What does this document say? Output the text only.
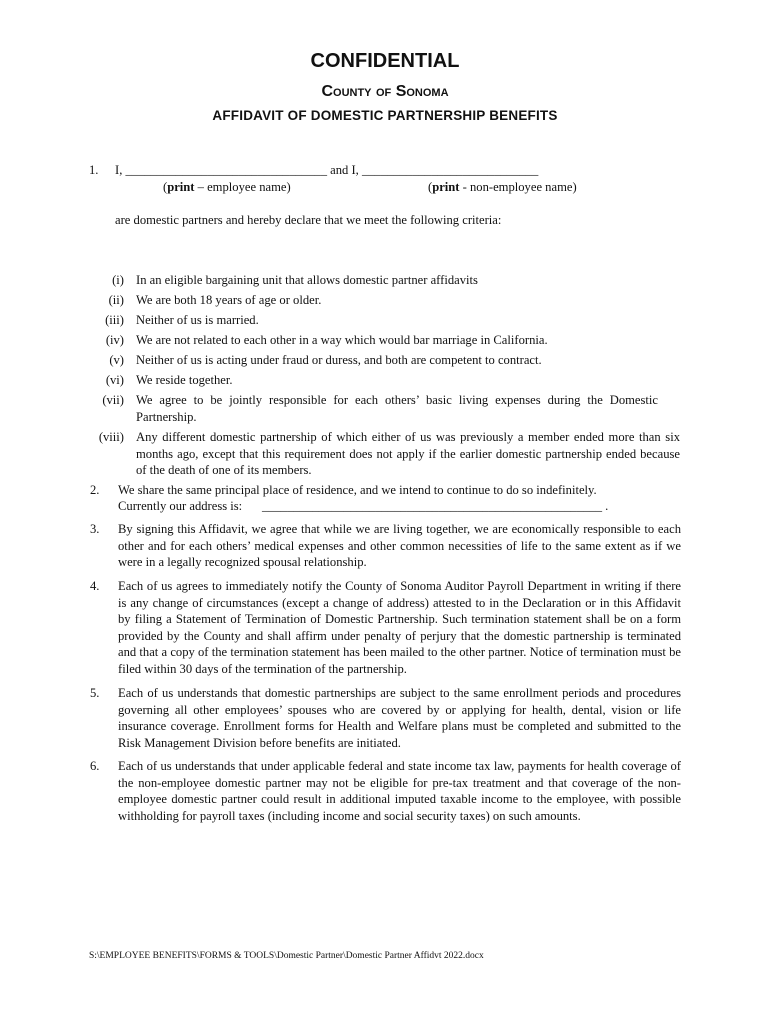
CONFIDENTIAL
County of Sonoma
AFFIDAVIT OF DOMESTIC PARTNERSHIP BENEFITS
1. I, ________________________________ and I, ____________________________
(print – employee name)	(print - non-employee name)
are domestic partners and hereby declare that we meet the following criteria:
(i) In an eligible bargaining unit that allows domestic partner affidavits
(ii) We are both 18 years of age or older.
(iii) Neither of us is married.
(iv) We are not related to each other in a way which would bar marriage in California.
(v) Neither of us is acting under fraud or duress, and both are competent to contract.
(vi) We reside together.
(vii) We agree to be jointly responsible for each others’ basic living expenses during the Domestic Partnership.
(viii) Any different domestic partnership of which either of us was previously a member ended more than six months ago, except that this requirement does not apply if the earlier domestic partnership ended because of the death of one of its members.
2. We share the same principal place of residence, and we intend to continue to do so indefinitely.
Currently our address is: ______________________________________________________ .
3. By signing this Affidavit, we agree that while we are living together, we are economically responsible to each other and for each others’ medical expenses and other common necessities of life to the same extent as if we were in a legally recognized spousal relationship.
4. Each of us agrees to immediately notify the County of Sonoma Auditor Payroll Department in writing if there is any change of circumstances (except a change of address) attested to in the Declaration or in this Affidavit by filing a Statement of Termination of Domestic Partnership. Such termination statement shall be on a form provided by the County and shall affirm under penalty of perjury that the domestic partnership is terminated and that a copy of the termination statement has been mailed to the other partner. Notice of termination must be filed within 30 days of the termination of the partnership.
5. Each of us understands that domestic partnerships are subject to the same enrollment periods and procedures governing all other employees’ spouses who are covered by or applying for health, dental, vision or life insurance coverage. Enrollment forms for Health and Welfare plans must be completed and submitted to the Risk Management Division before benefits are initiated.
6. Each of us understands that under applicable federal and state income tax law, payments for health coverage of the non-employee domestic partner may not be eligible for pre-tax treatment and that coverage of the non-employee domestic partner could result in additional imputed taxable income to the employee, with possible withholding for payroll taxes (including income and social security taxes) on such amounts.
S:\EMPLOYEE BENEFITS\FORMS & TOOLS\Domestic Partner\Domestic Partner Affidvt 2022.docx
